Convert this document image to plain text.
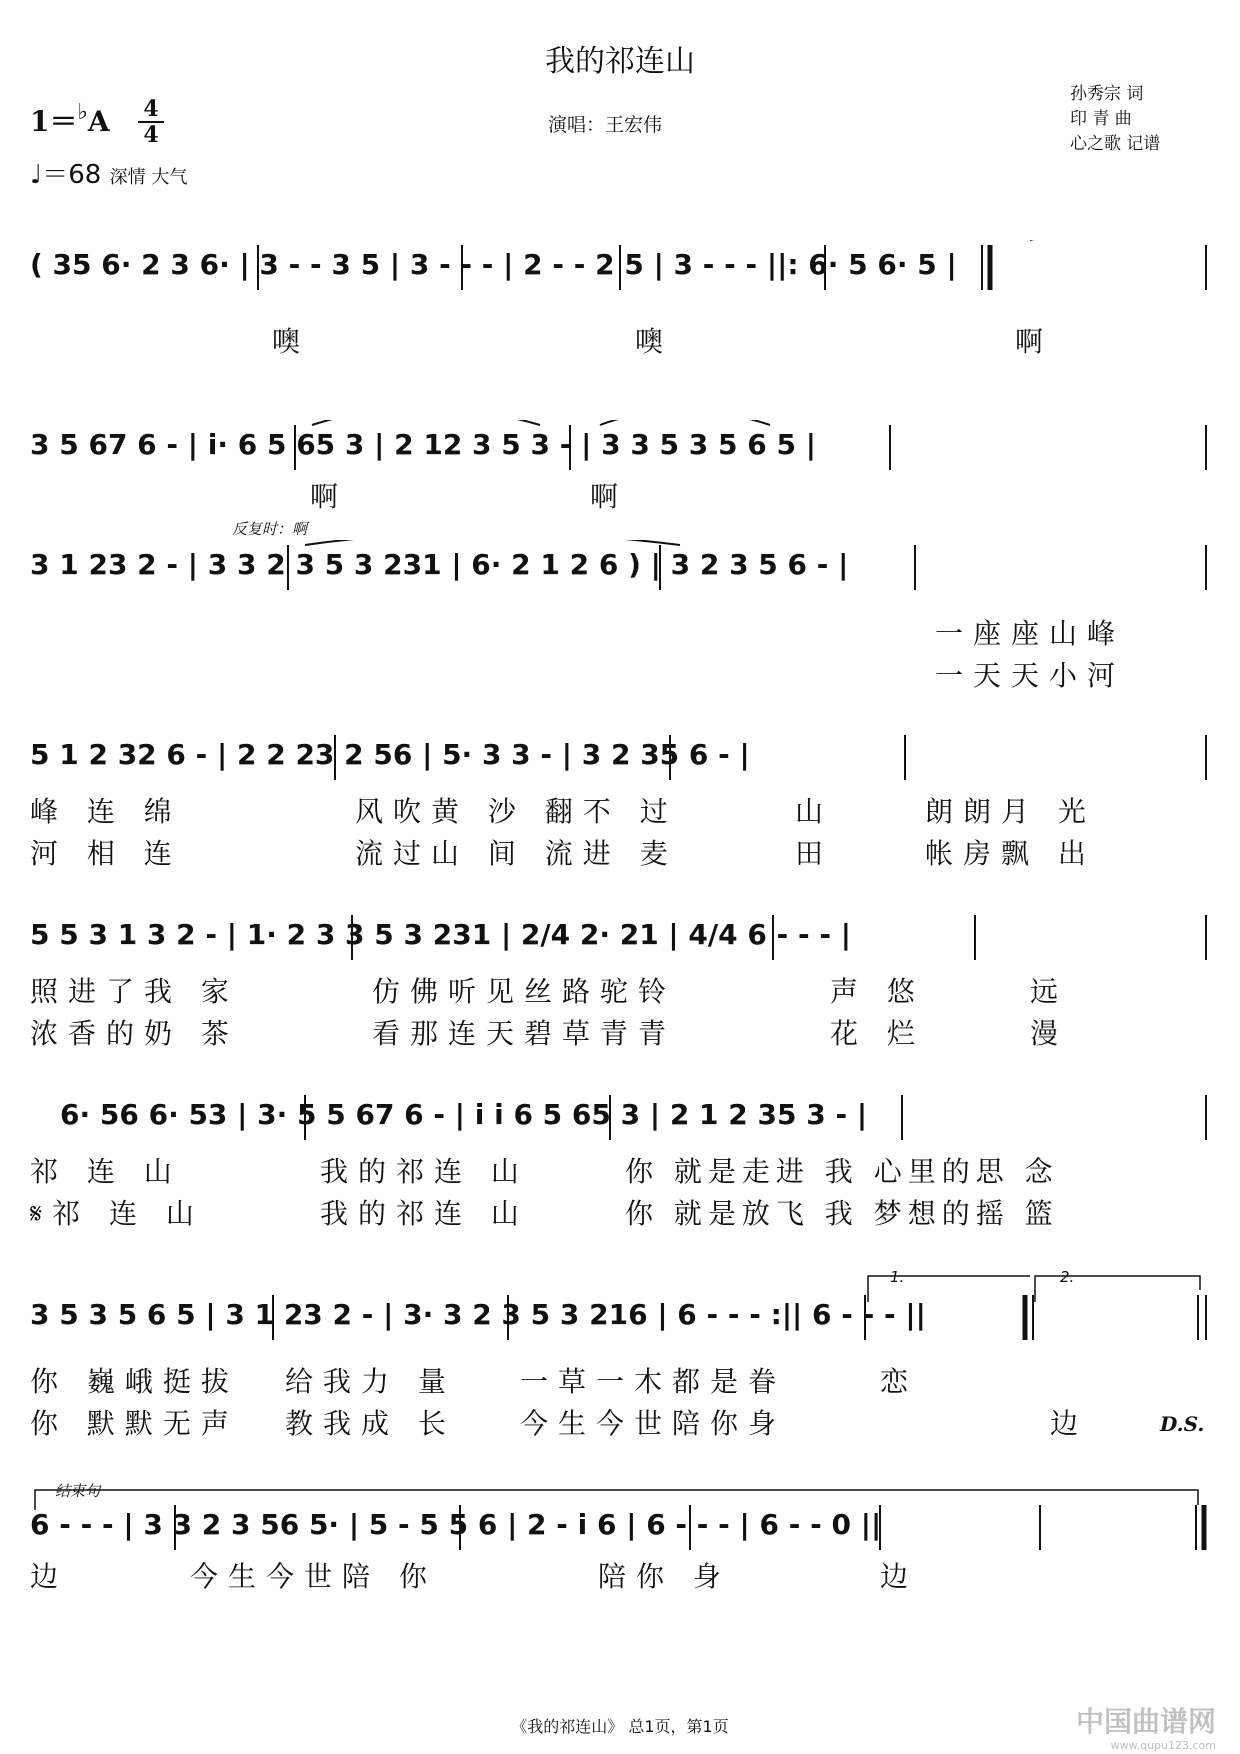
我的祁连山
1＝♭A 4
4
♩＝68 深情 大气
演唱：王宏伟
孙秀宗 词
印 青 曲
心之歌 记谱
( 35 6· 2 3 6· | 3 - - 3 5 | 3 - - - | 2 - - 2 5 | 3 - - - ||: 6· 5 6· 5 |
噢	噢	啊
3 5 67 6 - | i· 6 5 65 3 | 2 12 3 5 3 - | 3 3 5 3 5 6 5 |
啊	啊
反复时：啊
3 1 23 2 - | 3 3 2 3 5 3 231 | 6· 2 1 2 6 ) | 3 2 3 5 6 - |
一座座山峰
一天天小河
5 1 2 32 6 - | 2 2 23 2 56 | 5· 3 3 - | 3 2 35 6 - |
峰 连 绵	风吹黄 沙 翻不 过	山	朗朗月 光
河 相 连	流过山 间 流进 麦	田	帐房飘 出
5 5 3 1 3 2 - | 1· 2 3 3 5 3 231 | 2/4 2· 21 | 4/4 6 - - - |
照进了我 家	仿佛听见丝路驼铃	声 悠	远
浓香的奶 茶	看那连天碧草青青	花 烂	漫
6· 56 6· 53 | 3· 5 5 67 6 - | i i 6 5 65 3 | 2 1 2 35 3 - |
祁 连 山	我的祁连 山	你 就是走进 我 心里的思 念
𝄋祁 连 山	我的祁连 山	你 就是放飞 我 梦想的摇 篮
1.	2.
3 5 3 5 6 5 | 3 1 23 2 - | 3· 3 2 3 5 3 216 | 6 - - - :|| 6 - - - ||
你 巍峨挺拔 给我力 量 一草一木都是眷	恋
你 默默无声 教我成 长 今生今世陪你身	边	D.S.
结束句
6 - - - | 3 3 2 3 56 5· | 5 - 5 5 6 | 2 - i 6 | 6 - - - | 6 - - 0 ||
边	今生今世陪 你	陪你 身	边
《我的祁连山》 总1页，第1页	中国曲谱网
www.qupu123.com
